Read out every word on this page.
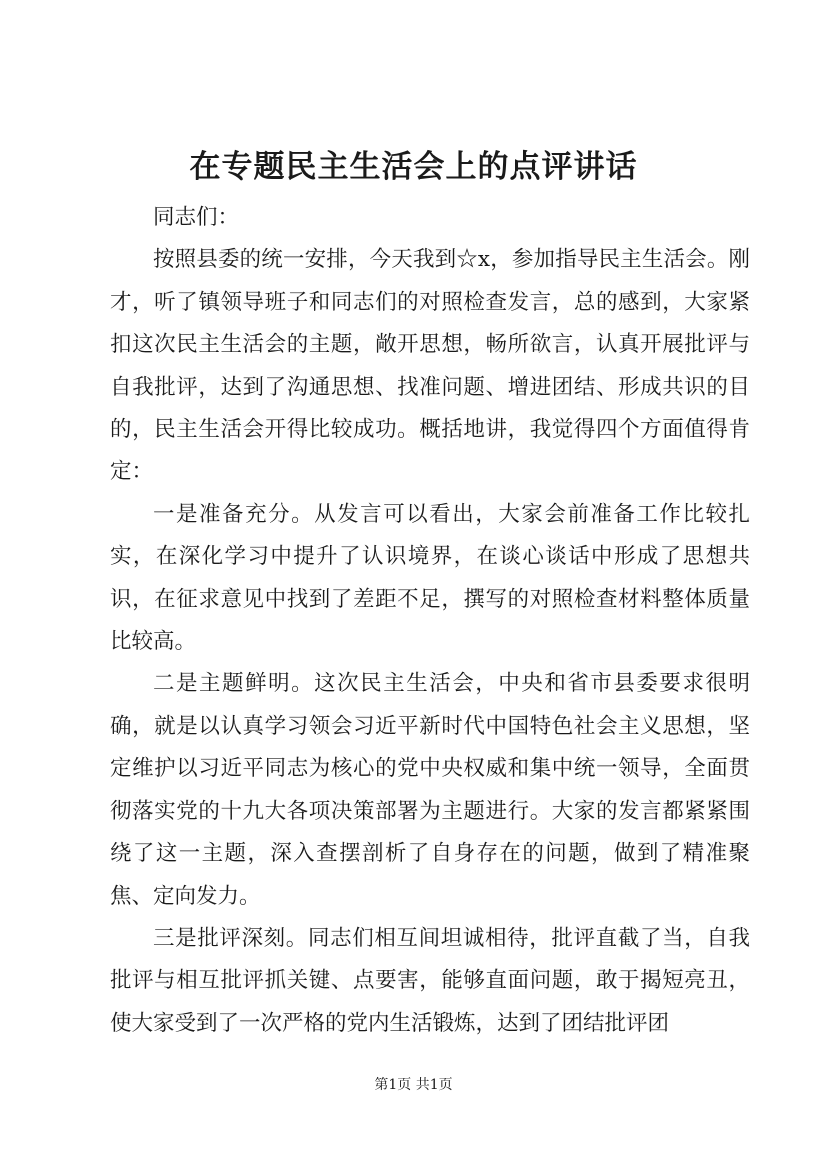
在专题民主生活会上的点评讲话

同志们：

按照县委的统一安排，今天我到☆x，参加指导民主生活会。刚才，听了镇领导班子和同志们的对照检查发言，总的感到，大家紧扣这次民主生活会的主题，敞开思想，畅所欲言，认真开展批评与自我批评，达到了沟通思想、找准问题、增进团结、形成共识的目的，民主生活会开得比较成功。概括地讲，我觉得四个方面值得肯定：

一是准备充分。从发言可以看出，大家会前准备工作比较扎实，在深化学习中提升了认识境界，在谈心谈话中形成了思想共识，在征求意见中找到了差距不足，撰写的对照检查材料整体质量比较高。

二是主题鲜明。这次民主生活会，中央和省市县委要求很明确，就是以认真学习领会习近平新时代中国特色社会主义思想，坚定维护以习近平同志为核心的党中央权威和集中统一领导，全面贯彻落实党的十九大各项决策部署为主题进行。大家的发言都紧紧围绕了这一主题，深入查摆剖析了自身存在的问题，做到了精准聚焦、定向发力。

三是批评深刻。同志们相互间坦诚相待，批评直截了当，自我批评与相互批评抓关键、点要害，能够直面问题，敢于揭短亮丑，使大家受到了一次严格的党内生活锻炼，达到了团结批评团

第1页 共1页
